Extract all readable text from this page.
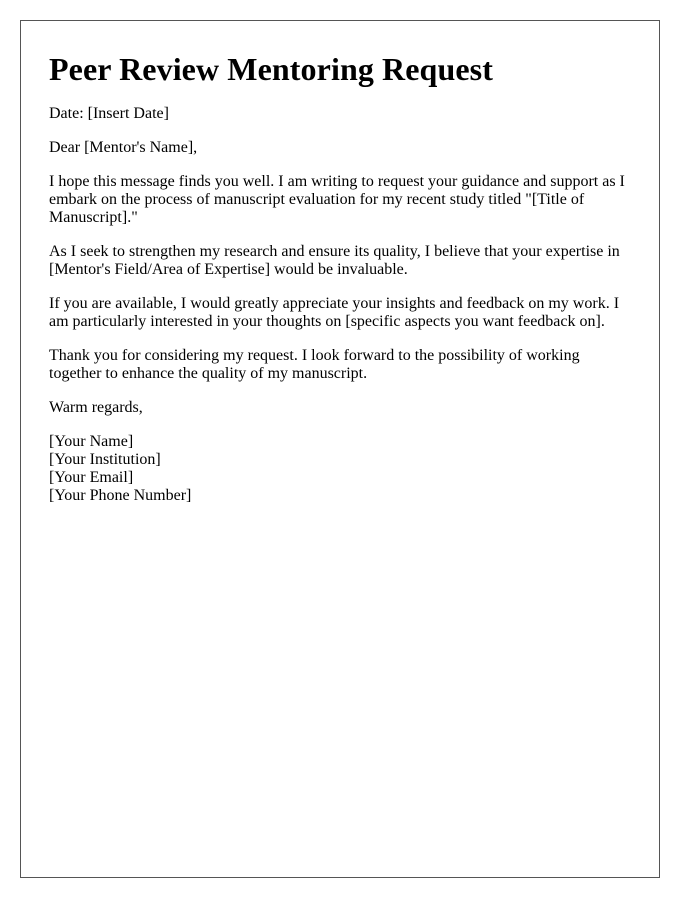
Peer Review Mentoring Request

Date: [Insert Date]

Dear [Mentor's Name],

I hope this message finds you well. I am writing to request your guidance and support as I embark on the process of manuscript evaluation for my recent study titled "[Title of Manuscript]."

As I seek to strengthen my research and ensure its quality, I believe that your expertise in [Mentor's Field/Area of Expertise] would be invaluable.

If you are available, I would greatly appreciate your insights and feedback on my work. I am particularly interested in your thoughts on [specific aspects you want feedback on].

Thank you for considering my request. I look forward to the possibility of working together to enhance the quality of my manuscript.

Warm regards,

[Your Name]

[Your Institution]

[Your Email]

[Your Phone Number]
